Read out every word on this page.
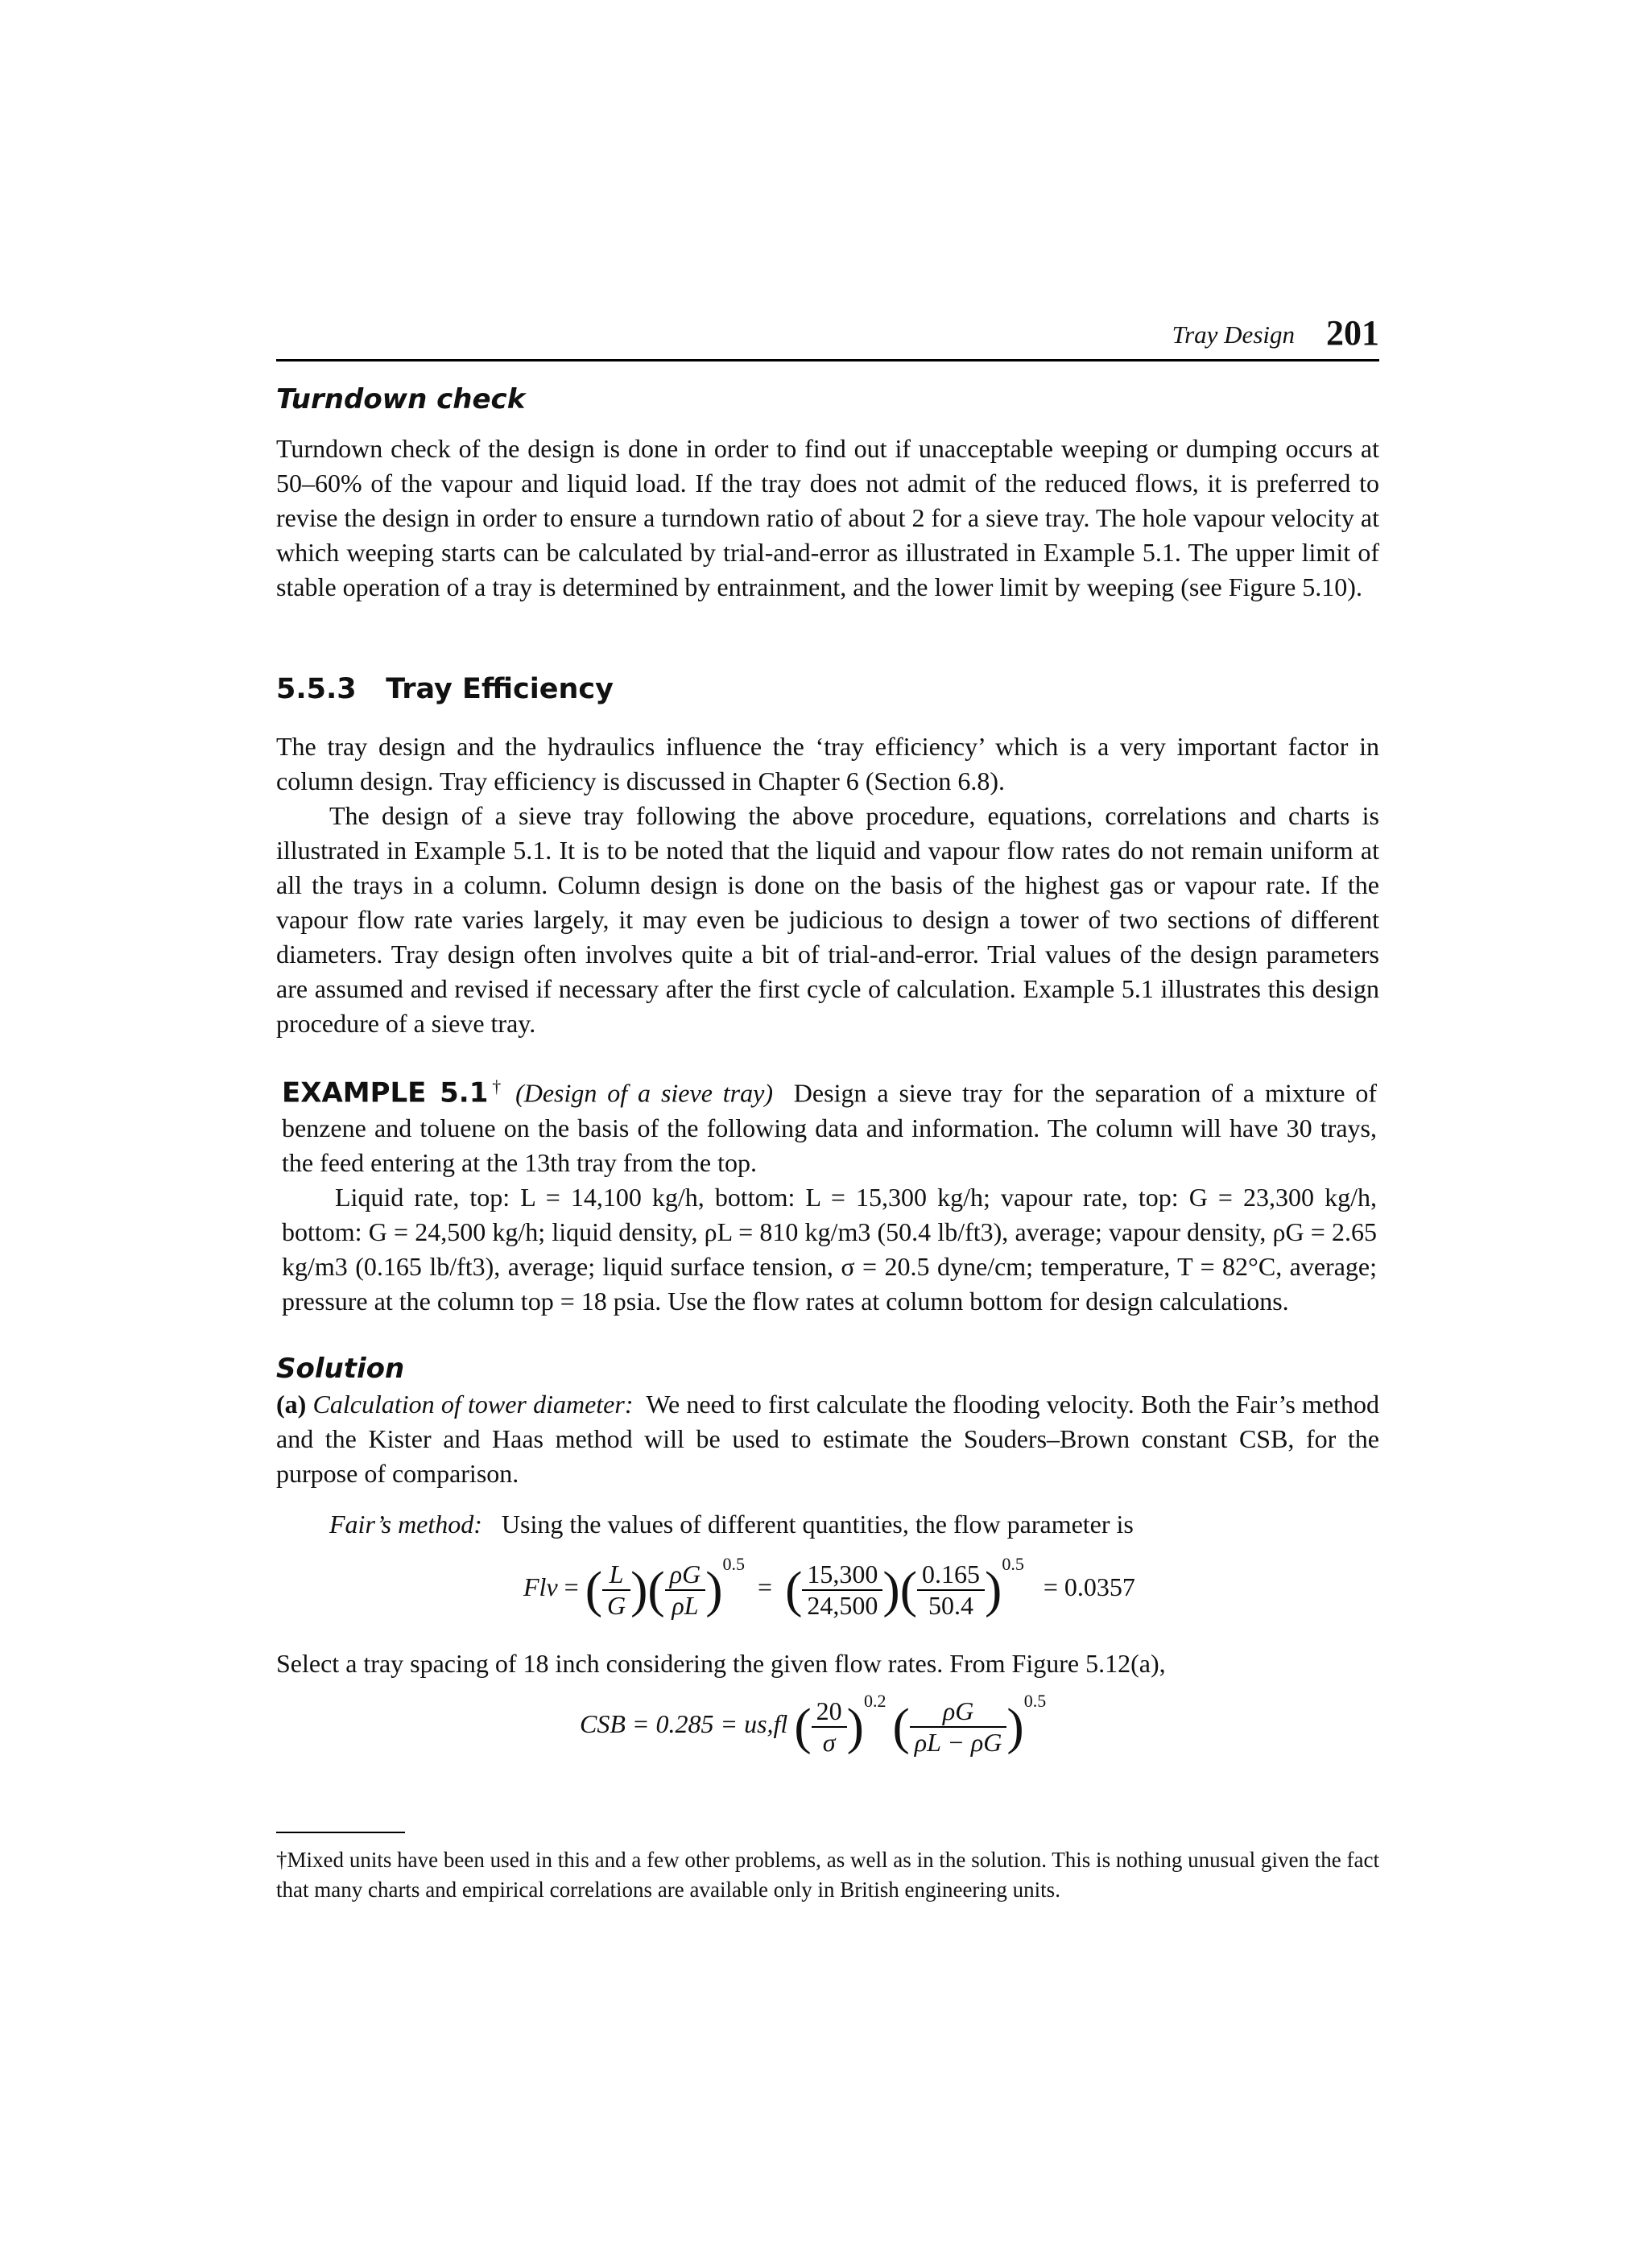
Tray Design 201
Turndown check

Turndown check of the design is done in order to find out if unacceptable weeping or dumping occurs at 50–60% of the vapour and liquid load. If the tray does not admit of the reduced flows, it is preferred to revise the design in order to ensure a turndown ratio of about 2 for a sieve tray. The hole vapour velocity at which weeping starts can be calculated by trial-and-error as illustrated in Example 5.1. The upper limit of stable operation of a tray is determined by entrainment, and the lower limit by weeping (see Figure 5.10).

5.5.3   Tray Efficiency

The tray design and the hydraulics influence the ‘tray efficiency’ which is a very important factor in column design. Tray efficiency is discussed in Chapter 6 (Section 6.8).

The design of a sieve tray following the above procedure, equations, correlations and charts is illustrated in Example 5.1. It is to be noted that the liquid and vapour flow rates do not remain uniform at all the trays in a column. Column design is done on the basis of the highest gas or vapour rate. If the vapour flow rate varies largely, it may even be judicious to design a tower of two sections of different diameters. Tray design often involves quite a bit of trial-and-error. Trial values of the design parameters are assumed and revised if necessary after the first cycle of calculation. Example 5.1 illustrates this design procedure of a sieve tray.

EXAMPLE 5.1† (Design of a sieve tray) Design a sieve tray for the separation of a mixture of benzene and toluene on the basis of the following data and information. The column will have 30 trays, the feed entering at the 13th tray from the top.

Liquid rate, top: L = 14,100 kg/h, bottom: L = 15,300 kg/h; vapour rate, top: G = 23,300 kg/h, bottom: G = 24,500 kg/h; liquid density, ρL = 810 kg/m3 (50.4 lb/ft3), average; vapour density, ρG = 2.65 kg/m3 (0.165 lb/ft3), average; liquid surface tension, σ = 20.5 dyne/cm; temperature, T = 82°C, average; pressure at the column top = 18 psia. Use the flow rates at column bottom for design calculations.

Solution

(a) Calculation of tower diameter: We need to first calculate the flooding velocity. Both the Fair’s method and the Kister and Haas method will be used to estimate the Souders–Brown constant CSB, for the purpose of comparison.

Fair’s method: Using the values of different quantities, the flow parameter is

Flv = ( $\frac{L}{G}$ )( $\frac{\rho G}{\rho L} )^{0.5}$  =  ( $\frac{15,300}{24,500}$ )( $\frac{0.165}{50.4} )^{0.5} = 0.0357$

Select a tray spacing of 18 inch considering the given flow rates. From Figure 5.12(a),

CSB = 0.285 = us,fl ( $\frac{20}{\sigma} )^{0.2}$ ( $\frac{\rho G}{\rho L - \rho G} )^{0.5}$

†Mixed units have been used in this and a few other problems, as well as in the solution. This is nothing unusual given the fact that many charts and empirical correlations are available only in British engineering units.
